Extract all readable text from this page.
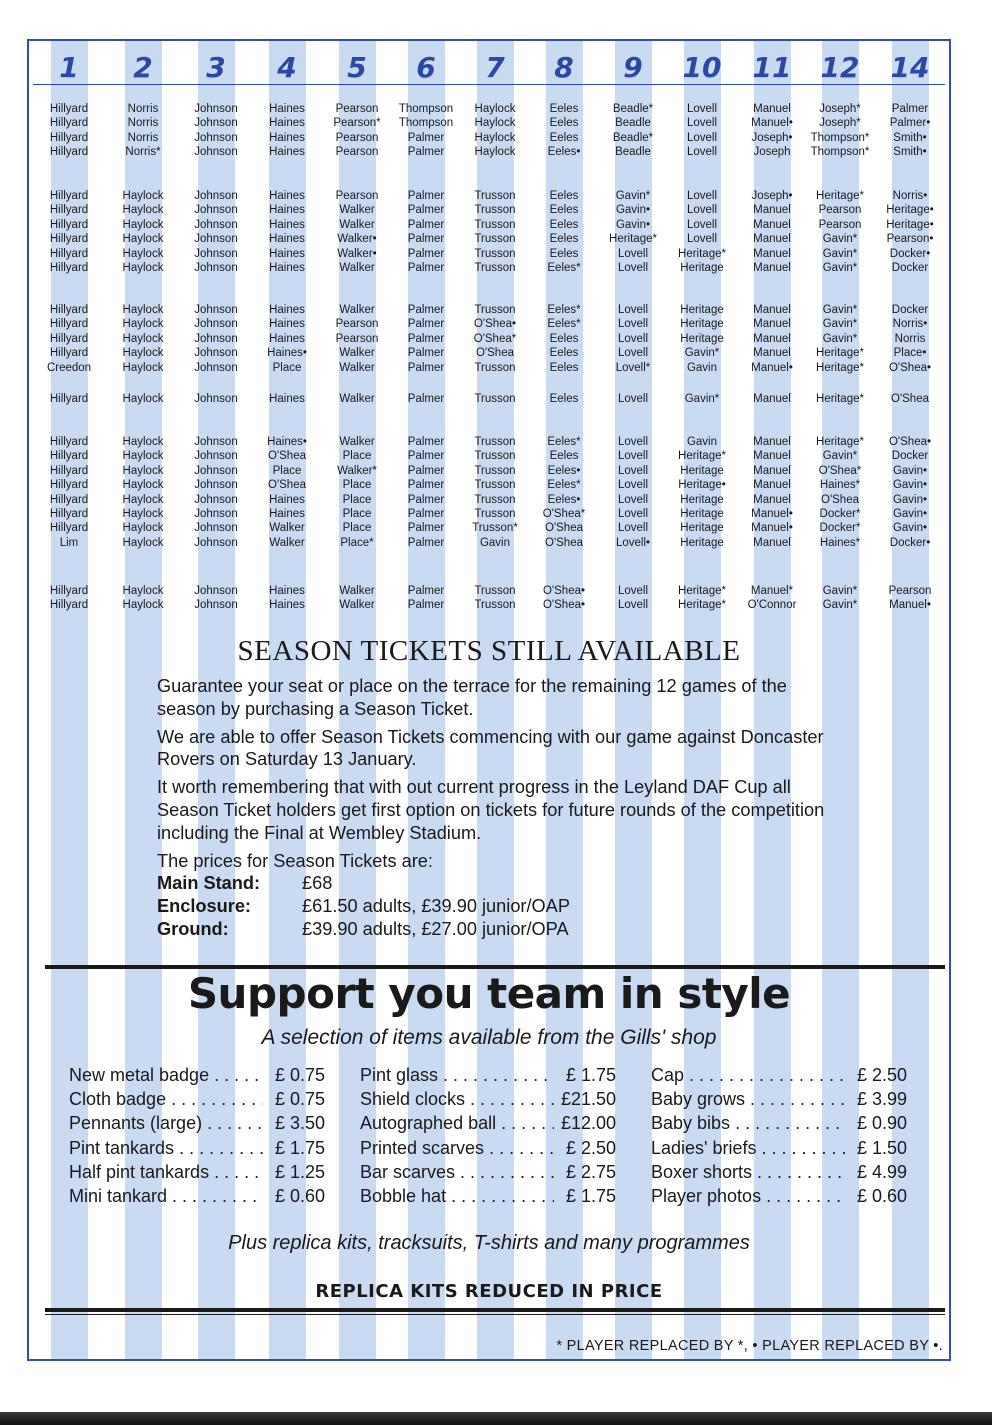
1	2	3	4	5	6	7	8	9	10	11	12	14
Hillyard	Norris	Johnson	Haines	Pearson	Thompson	Haylock	Eeles	Beadle*	Lovell	Manuel	Joseph*	Palmer
Hillyard	Norris	Johnson	Haines	Pearson*	Thompson	Haylock	Eeles	Beadle	Lovell	Manuel•	Joseph*	Palmer•
Hillyard	Norris	Johnson	Haines	Pearson	Palmer	Haylock	Eeles	Beadle*	Lovell	Joseph•	Thompson*	Smith•
Hillyard	Norris*	Johnson	Haines	Pearson	Palmer	Haylock	Eeles•	Beadle	Lovell	Joseph	Thompson*	Smith•
Hillyard	Haylock	Johnson	Haines	Pearson	Palmer	Trusson	Eeles	Gavin*	Lovell	Joseph•	Heritage*	Norris•
Hillyard	Haylock	Johnson	Haines	Walker	Palmer	Trusson	Eeles	Gavin•	Lovell	Manuel	Pearson	Heritage•
Hillyard	Haylock	Johnson	Haines	Walker	Palmer	Trusson	Eeles	Gavin•	Lovell	Manuel	Pearson	Heritage•
Hillyard	Haylock	Johnson	Haines	Walker•	Palmer	Trusson	Eeles	Heritage*	Lovell	Manuel	Gavin*	Pearson•
Hillyard	Haylock	Johnson	Haines	Walker•	Palmer	Trusson	Eeles	Lovell	Heritage*	Manuel	Gavin*	Docker•
Hillyard	Haylock	Johnson	Haines	Walker	Palmer	Trusson	Eeles*	Lovell	Heritage	Manuel	Gavin*	Docker
Hillyard	Haylock	Johnson	Haines	Walker	Palmer	Trusson	Eeles*	Lovell	Heritage	Manuel	Gavin*	Docker
Hillyard	Haylock	Johnson	Haines	Pearson	Palmer	O'Shea•	Eeles*	Lovell	Heritage	Manuel	Gavin*	Norris•
Hillyard	Haylock	Johnson	Haines	Pearson	Palmer	O'Shea*	Eeles	Lovell	Heritage	Manuel	Gavin*	Norris
Hillyard	Haylock	Johnson	Haines•	Walker	Palmer	O'Shea	Eeles	Lovell	Gavin*	Manuel	Heritage*	Place•
Creedon	Haylock	Johnson	Place	Walker	Palmer	Trusson	Eeles	Lovell*	Gavin	Manuel•	Heritage*	O'Shea•
Hillyard	Haylock	Johnson	Haines	Walker	Palmer	Trusson	Eeles	Lovell	Gavin*	Manuel	Heritage*	O'Shea
Hillyard	Haylock	Johnson	Haines•	Walker	Palmer	Trusson	Eeles*	Lovell	Gavin	Manuel	Heritage*	O'Shea•
Hillyard	Haylock	Johnson	O'Shea	Place	Palmer	Trusson	Eeles	Lovell	Heritage*	Manuel	Gavin*	Docker
Hillyard	Haylock	Johnson	Place	Walker*	Palmer	Trusson	Eeles•	Lovell	Heritage	Manuel	O'Shea*	Gavin•
Hillyard	Haylock	Johnson	O'Shea	Place	Palmer	Trusson	Eeles*	Lovell	Heritage•	Manuel	Haines*	Gavin•
Hillyard	Haylock	Johnson	Haines	Place	Palmer	Trusson	Eeles•	Lovell	Heritage	Manuel	O'Shea	Gavin•
Hillyard	Haylock	Johnson	Haines	Place	Palmer	Trusson	O'Shea*	Lovell	Heritage	Manuel•	Docker*	Gavin•
Hillyard	Haylock	Johnson	Walker	Place	Palmer	Trusson*	O'Shea	Lovell	Heritage	Manuel•	Docker*	Gavin•
Lim	Haylock	Johnson	Walker	Place*	Palmer	Gavin	O'Shea	Lovell•	Heritage	Manuel	Haines*	Docker•
Hillyard	Haylock	Johnson	Haines	Walker	Palmer	Trusson	O'Shea•	Lovell	Heritage*	Manuel*	Gavin*	Pearson
Hillyard	Haylock	Johnson	Haines	Walker	Palmer	Trusson	O'Shea•	Lovell	Heritage*	O'Connor	Gavin*	Manuel•
SEASON TICKETS STILL AVAILABLE

Guarantee your seat or place on the terrace for the remaining 12 games of the season by purchasing a Season Ticket.

We are able to offer Season Tickets commencing with our game against Doncaster Rovers on Saturday 13 January.

It worth remembering that with out current progress in the Leyland DAF Cup all Season Ticket holders get first option on tickets for future rounds of the competition including the Final at Wembley Stadium.

The prices for Season Tickets are:

Main Stand:	£68
Enclosure:	£61.50 adults, £39.90 junior/OAP
Ground:	£39.90 adults, £27.00 junior/OPA
Support you team in style
A selection of items available from the Gills' shop
New metal badge . . .	£ 0.75
Cloth badge . . .	£ 0.75
Pennants (large) . . .	£ 3.50
Pint tankards . . .	£ 1.75
Half pint tankards . . .	£ 1.25
Mini tankard . . .	£ 0.60
Pint glass . . .	£ 1.75
Shield clocks . . .	£21.50
Autographed ball . . .	£12.00
Printed scarves . . .	£ 2.50
Bar scarves . . .	£ 2.75
Bobble hat . . .	£ 1.75
Cap . . .	£ 2.50
Baby grows . . .	£ 3.99
Baby bibs . . .	£ 0.90
Ladies' briefs . . .	£ 1.50
Boxer shorts . . .	£ 4.99
Player photos . . .	£ 0.60
Plus replica kits, tracksuits, T-shirts and many programmes
REPLICA KITS REDUCED IN PRICE
* PLAYER REPLACED BY *, • PLAYER REPLACED BY •.
